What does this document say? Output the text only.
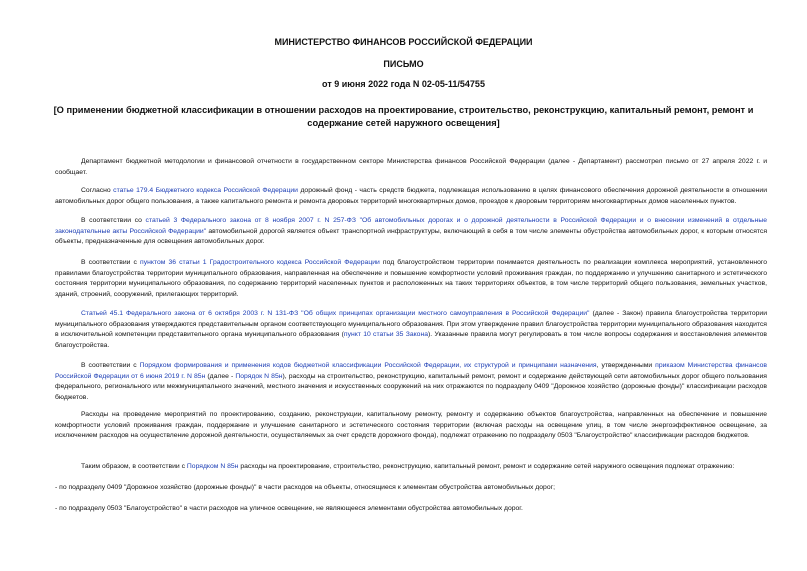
МИНИСТЕРСТВО ФИНАНСОВ РОССИЙСКОЙ ФЕДЕРАЦИИ
ПИСЬМО
от 9 июня 2022 года N 02-05-11/54755
[О применении бюджетной классификации в отношении расходов на проектирование, строительство, реконструкцию, капитальный ремонт, ремонт и содержание сетей наружного освещения]
Департамент бюджетной методологии и финансовой отчетности в государственном секторе Министерства финансов Российской Федерации (далее - Департамент) рассмотрел письмо от 27 апреля 2022 г. и сообщает.
Согласно статье 179.4 Бюджетного кодекса Российской Федерации дорожный фонд - часть средств бюджета, подлежащая использованию в целях финансового обеспечения дорожной деятельности в отношении автомобильных дорог общего пользования, а также капитального ремонта и ремонта дворовых территорий многоквартирных домов, проездов к дворовым территориям многоквартирных домов населенных пунктов.
В соответствии со статьей 3 Федерального закона от 8 ноября 2007 г. N 257-ФЗ "Об автомобильных дорогах и о дорожной деятельности в Российской Федерации и о внесении изменений в отдельные законодательные акты Российской Федерации" автомобильной дорогой является объект транспортной инфраструктуры, включающий в себя в том числе элементы обустройства автомобильных дорог, к которым относятся объекты, предназначенные для освещения автомобильных дорог.
В соответствии с пунктом 36 статьи 1 Градостроительного кодекса Российской Федерации под благоустройством территории понимается деятельность по реализации комплекса мероприятий, установленного правилами благоустройства территории муниципального образования, направленная на обеспечение и повышение комфортности условий проживания граждан, по поддержанию и улучшению санитарного и эстетического состояния территории муниципального образования, по содержанию территорий населенных пунктов и расположенных на таких территориях объектов, в том числе территорий общего пользования, земельных участков, зданий, строений, сооружений, прилегающих территорий.
Статьей 45.1 Федерального закона от 6 октября 2003 г. N 131-ФЗ "Об общих принципах организации местного самоуправления в Российской Федерации" (далее - Закон) правила благоустройства территории муниципального образования утверждаются представительным органом соответствующего муниципального образования. При этом утверждение правил благоустройства территории муниципального образования находится в исключительной компетенции представительного органа муниципального образования (пункт 10 статьи 35 Закона). Указанные правила могут регулировать в том числе вопросы содержания и восстановления элементов благоустройства.
В соответствии с Порядком формирования и применения кодов бюджетной классификации Российской Федерации, их структурой и принципами назначения, утвержденными приказом Министерства финансов Российской Федерации от 6 июня 2019 г. N 85н (далее - Порядок N 85н), расходы на строительство, реконструкцию, капитальный ремонт, ремонт и содержание действующей сети автомобильных дорог общего пользования федерального, регионального или межмуниципального значений, местного значения и искусственных сооружений на них отражаются по подразделу 0409 "Дорожное хозяйство (дорожные фонды)" классификации расходов бюджетов.
Расходы на проведение мероприятий по проектированию, созданию, реконструкции, капитальному ремонту, ремонту и содержанию объектов благоустройства, направленных на обеспечение и повышение комфортности условий проживания граждан, поддержание и улучшение санитарного и эстетического состояния территории (включая расходы на освещение улиц, в том числе энергоэффективное освещение, за исключением расходов на осуществление дорожной деятельности, осуществляемых за счет средств дорожного фонда), подлежат отражению по подразделу 0503 "Благоустройство" классификации расходов бюджетов.
Таким образом, в соответствии с Порядком N 85н расходы на проектирование, строительство, реконструкцию, капитальный ремонт, ремонт и содержание сетей наружного освещения подлежат отражению:
- по подразделу 0409 "Дорожное хозяйство (дорожные фонды)" в части расходов на объекты, относящиеся к элементам обустройства автомобильных дорог;
- по подразделу 0503 "Благоустройство" в части расходов на уличное освещение, не являющееся элементами обустройства автомобильных дорог.
